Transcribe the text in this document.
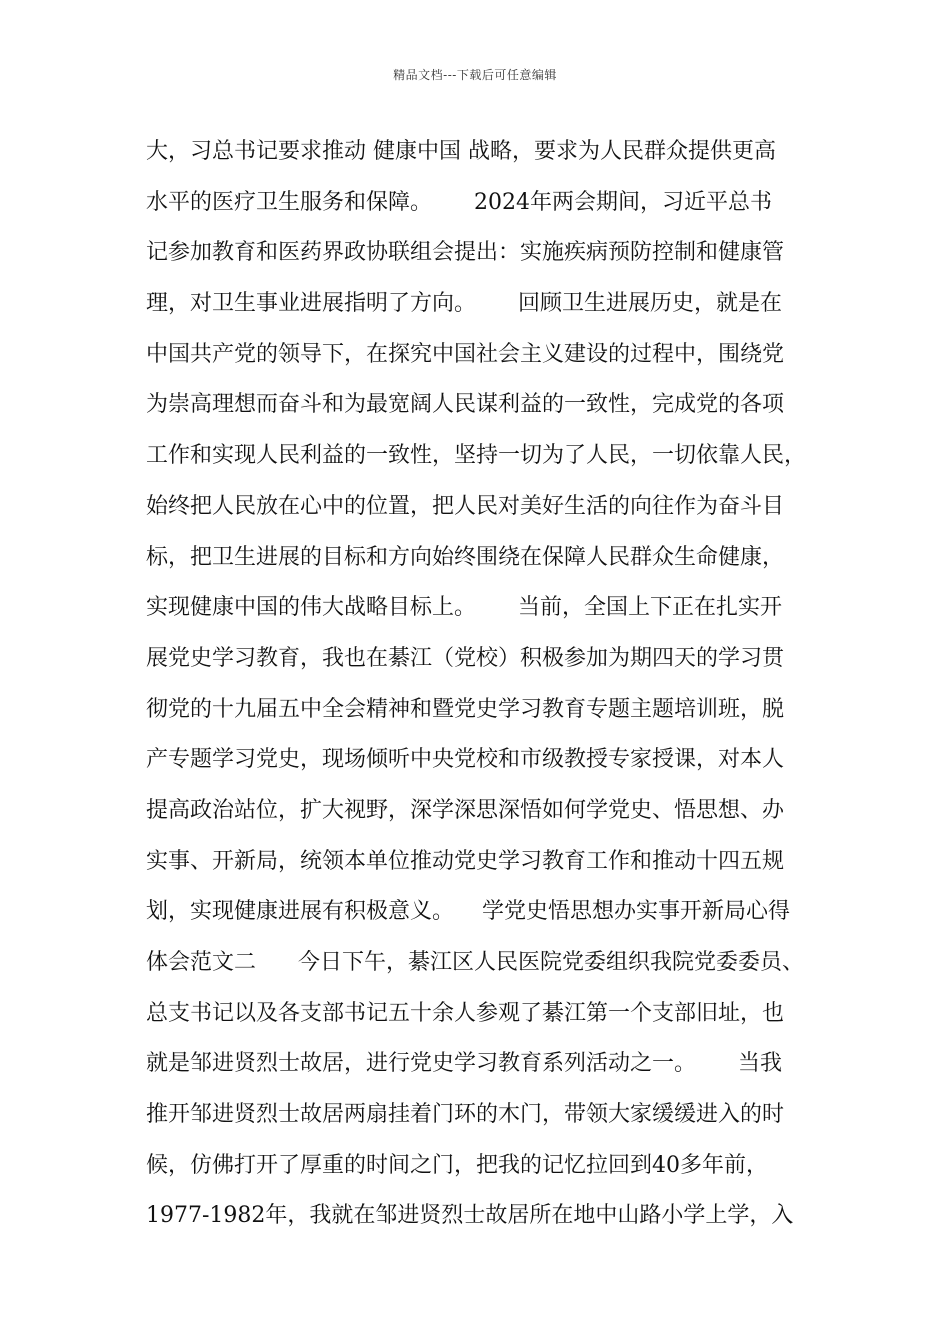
精品文档---下载后可任意编辑
大，习总书记要求推动 健康中国 战略，要求为人民群众提供更高
水平的医疗卫生服务和保障。      2024年两会期间，习近平总书
记参加教育和医药界政协联组会提出：实施疾病预防控制和健康管
理，对卫生事业进展指明了方向。      回顾卫生进展历史，就是在
中国共产党的领导下，在探究中国社会主义建设的过程中，围绕党
为崇高理想而奋斗和为最宽阔人民谋利益的一致性，完成党的各项
工作和实现人民利益的一致性，坚持一切为了人民，一切依靠人民，
始终把人民放在心中的位置，把人民对美好生活的向往作为奋斗目
标，把卫生进展的目标和方向始终围绕在保障人民群众生命健康，
实现健康中国的伟大战略目标上。      当前，全国上下正在扎实开
展党史学习教育，我也在綦江（党校）积极参加为期四天的学习贯
彻党的十九届五中全会精神和暨党史学习教育专题主题培训班，脱
产专题学习党史，现场倾听中央党校和市级教授专家授课，对本人
提高政治站位，扩大视野，深学深思深悟如何学党史、悟思想、办
实事、开新局，统领本单位推动党史学习教育工作和推动十四五规
划，实现健康进展有积极意义。    学党史悟思想办实事开新局心得
体会范文二      今日下午，綦江区人民医院党委组织我院党委委员、
总支书记以及各支部书记五十余人参观了綦江第一个支部旧址，也
就是邹进贤烈士故居，进行党史学习教育系列活动之一。      当我
推开邹进贤烈士故居两扇挂着门环的木门，带领大家缓缓进入的时
候，仿佛打开了厚重的时间之门，把我的记忆拉回到40多年前，
1977-1982年，我就在邹进贤烈士故居所在地中山路小学上学，入
